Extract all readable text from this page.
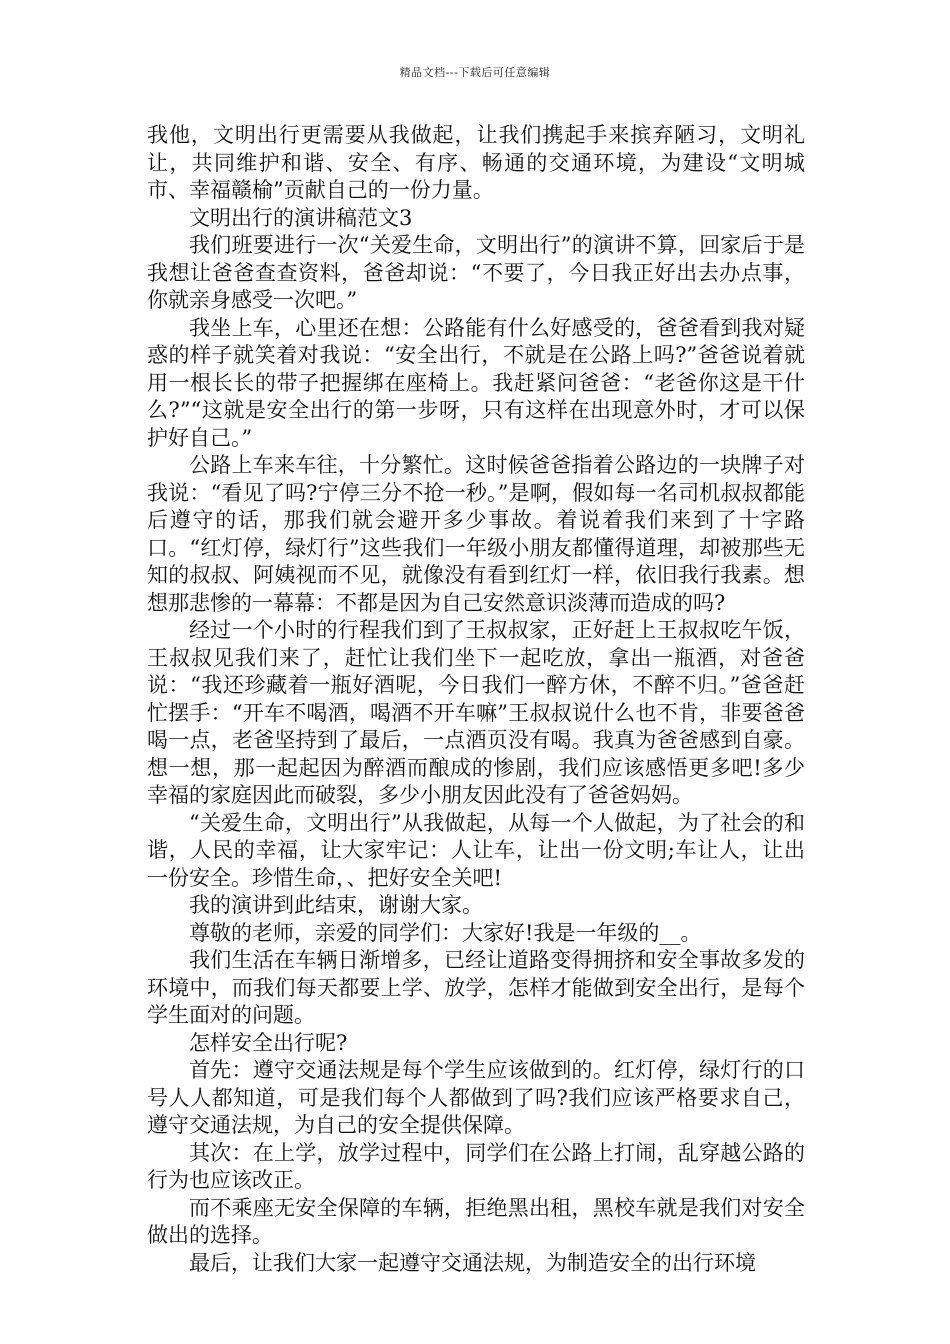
精品文档---下载后可任意编辑

我他，文明出行更需要从我做起，让我们携起手来摈弃陋习，文明礼让，共同维护和谐、安全、有序、畅通的交通环境，为建设“文明城市、幸福赣榆”贡献自己的一份力量。

文明出行的演讲稿范文3

我们班要进行一次“关爱生命，文明出行”的演讲不算，回家后于是我想让爸爸查查资料，爸爸却说：“不要了，今日我正好出去办点事，你就亲身感受一次吧。”

我坐上车，心里还在想：公路能有什么好感受的，爸爸看到我对疑惑的样子就笑着对我说：“安全出行，不就是在公路上吗?”爸爸说着就用一根长长的带子把握绑在座椅上。我赶紧问爸爸：“老爸你这是干什么?”“这就是安全出行的第一步呀，只有这样在出现意外时，才可以保护好自己。”

公路上车来车往，十分繁忙。这时候爸爸指着公路边的一块牌子对我说：“看见了吗?宁停三分不抢一秒。”是啊，假如每一名司机叔叔都能后遵守的话，那我们就会避开多少事故。着说着我们来到了十字路口。“红灯停，绿灯行”这些我们一年级小朋友都懂得道理，却被那些无知的叔叔、阿姨视而不见，就像没有看到红灯一样，依旧我行我素。想想那悲惨的一幕幕：不都是因为自己安然意识淡薄而造成的吗?

经过一个小时的行程我们到了王叔叔家，正好赶上王叔叔吃午饭，王叔叔见我们来了，赶忙让我们坐下一起吃放，拿出一瓶酒，对爸爸说：“我还珍藏着一瓶好酒呢，今日我们一醉方休，不醉不归。”爸爸赶忙摆手：“开车不喝酒，喝酒不开车嘛”王叔叔说什么也不肯，非要爸爸喝一点，老爸坚持到了最后，一点酒页没有喝。我真为爸爸感到自豪。想一想，那一起起因为醉酒而酿成的惨剧，我们应该感悟更多吧!多少幸福的家庭因此而破裂，多少小朋友因此没有了爸爸妈妈。

“关爱生命，文明出行”从我做起，从每一个人做起，为了社会的和谐，人民的幸福，让大家牢记：人让车，让出一份文明;车让人，让出一份安全。珍惜生命，、把好安全关吧!

我的演讲到此结束，谢谢大家。

尊敬的老师，亲爱的同学们：大家好!我是一年级的__。

我们生活在车辆日渐增多，已经让道路变得拥挤和安全事故多发的环境中，而我们每天都要上学、放学，怎样才能做到安全出行，是每个学生面对的问题。

怎样安全出行呢?

首先：遵守交通法规是每个学生应该做到的。红灯停，绿灯行的口号人人都知道，可是我们每个人都做到了吗?我们应该严格要求自己，遵守交通法规，为自己的安全提供保障。

其次：在上学，放学过程中，同学们在公路上打闹，乱穿越公路的行为也应该改正。

而不乘座无安全保障的车辆，拒绝黑出租，黑校车就是我们对安全做出的选择。

最后，让我们大家一起遵守交通法规，为制造安全的出行环境
